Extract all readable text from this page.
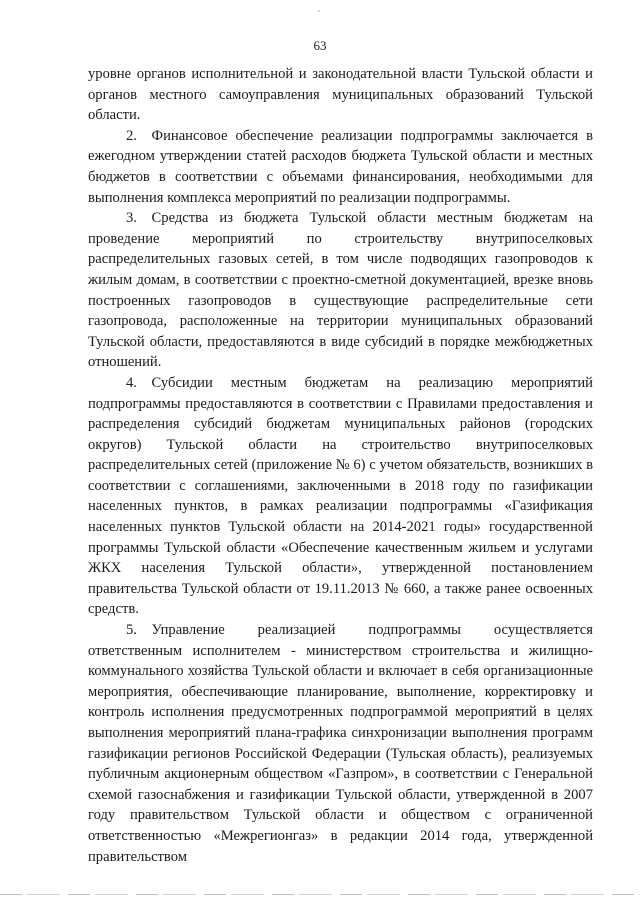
63

уровне органов исполнительной и законодательной власти Тульской области и органов местного самоуправления муниципальных образований Тульской области.

2. Финансовое обеспечение реализации подпрограммы заключается в ежегодном утверждении статей расходов бюджета Тульской области и местных бюджетов в соответствии с объемами финансирования, необходимыми для выполнения комплекса мероприятий по реализации подпрограммы.

3. Средства из бюджета Тульской области местным бюджетам на проведение мероприятий по строительству внутрипоселковых распределительных газовых сетей, в том числе подводящих газопроводов к жилым домам, в соответствии с проектно-сметной документацией, врезке вновь построенных газопроводов в существующие распределительные сети газопровода, расположенные на территории муниципальных образований Тульской области, предоставляются в виде субсидий в порядке межбюджетных отношений.

4. Субсидии местным бюджетам на реализацию мероприятий подпрограммы предоставляются в соответствии с Правилами предоставления и распределения субсидий бюджетам муниципальных районов (городских округов) Тульской области на строительство внутрипоселковых распределительных сетей (приложение № 6) с учетом обязательств, возникших в соответствии с соглашениями, заключенными в 2018 году по газификации населенных пунктов, в рамках реализации подпрограммы «Газификация населенных пунктов Тульской области на 2014-2021 годы» государственной программы Тульской области «Обеспечение качественным жильем и услугами ЖКХ населения Тульской области», утвержденной постановлением правительства Тульской области от 19.11.2013 № 660, а также ранее освоенных средств.

5. Управление реализацией подпрограммы осуществляется ответственным исполнителем - министерством строительства и жилищно-коммунального хозяйства Тульской области и включает в себя организационные мероприятия, обеспечивающие планирование, выполнение, корректировку и контроль исполнения предусмотренных подпрограммой мероприятий в целях выполнения мероприятий плана-графика синхронизации выполнения программ газификации регионов Российской Федерации (Тульская область), реализуемых публичным акционерным обществом «Газпром», в соответствии с Генеральной схемой газоснабжения и газификации Тульской области, утвержденной в 2007 году правительством Тульской области и обществом с ограниченной ответственностью «Межрегионгаз» в редакции 2014 года, утвержденной правительством
